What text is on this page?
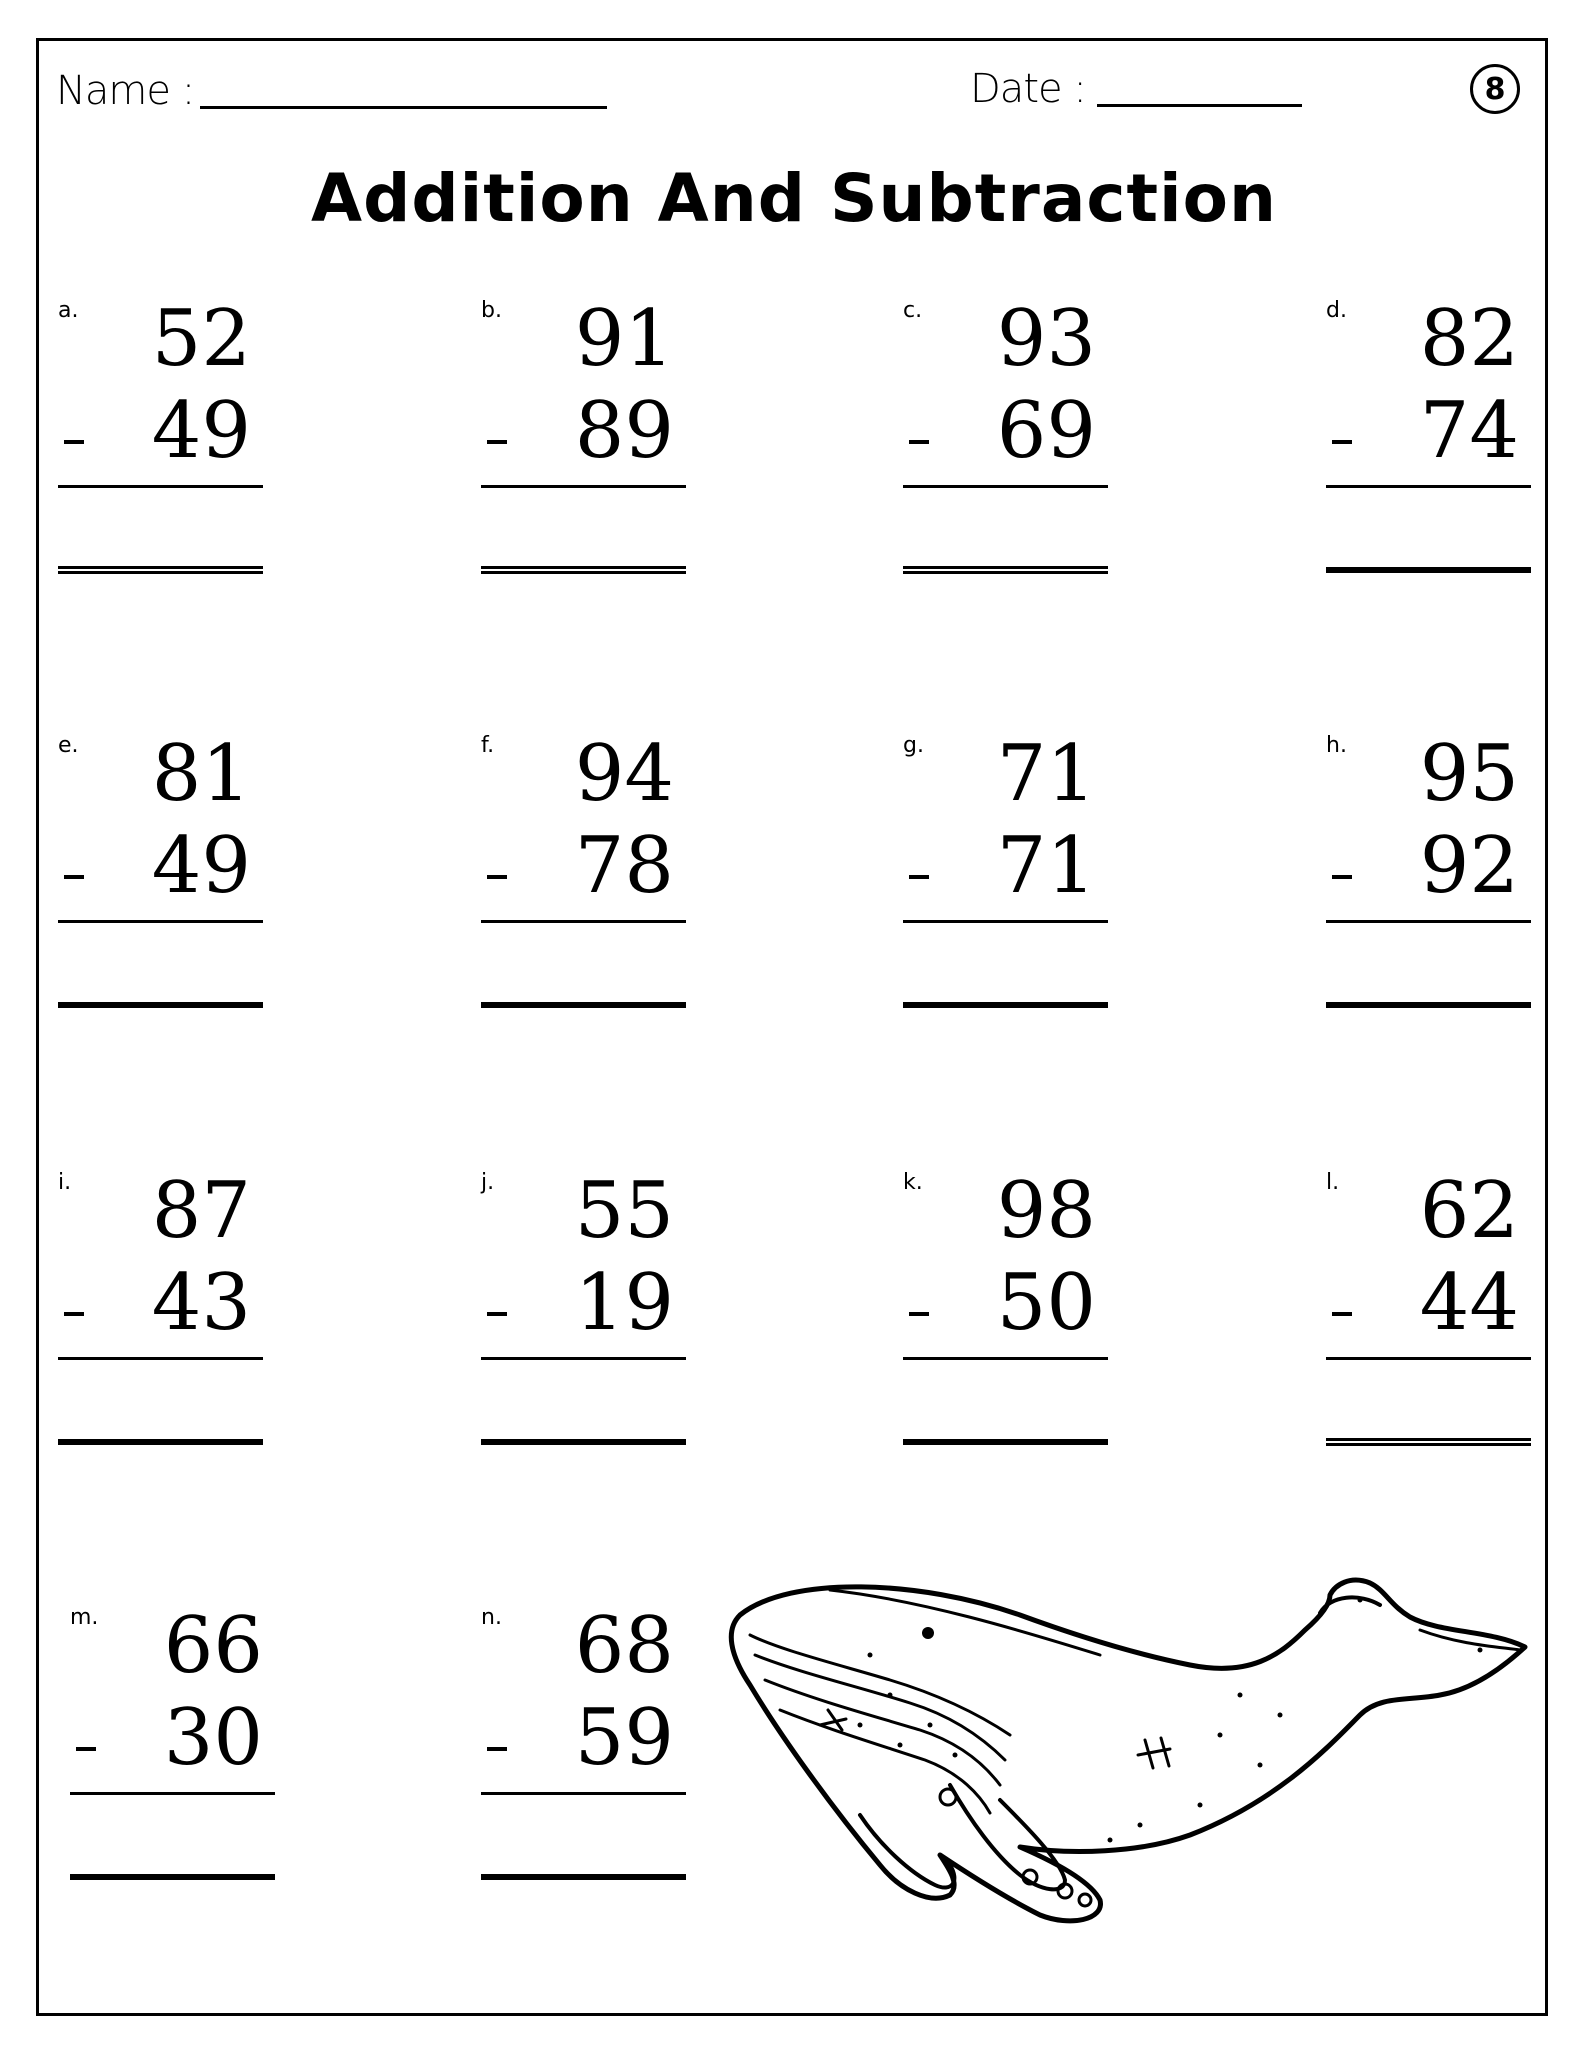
Name :	Date :	8
Addition And Subtraction
a. 52
49
b. 91
89
c. 93
69
d. 82
74
e. 81
49
f. 94
78
g. 71
71
h. 95
92
i. 87
43
j. 55
19
k. 98
50
l. 62
44
m. 66
30
n. 68
59
